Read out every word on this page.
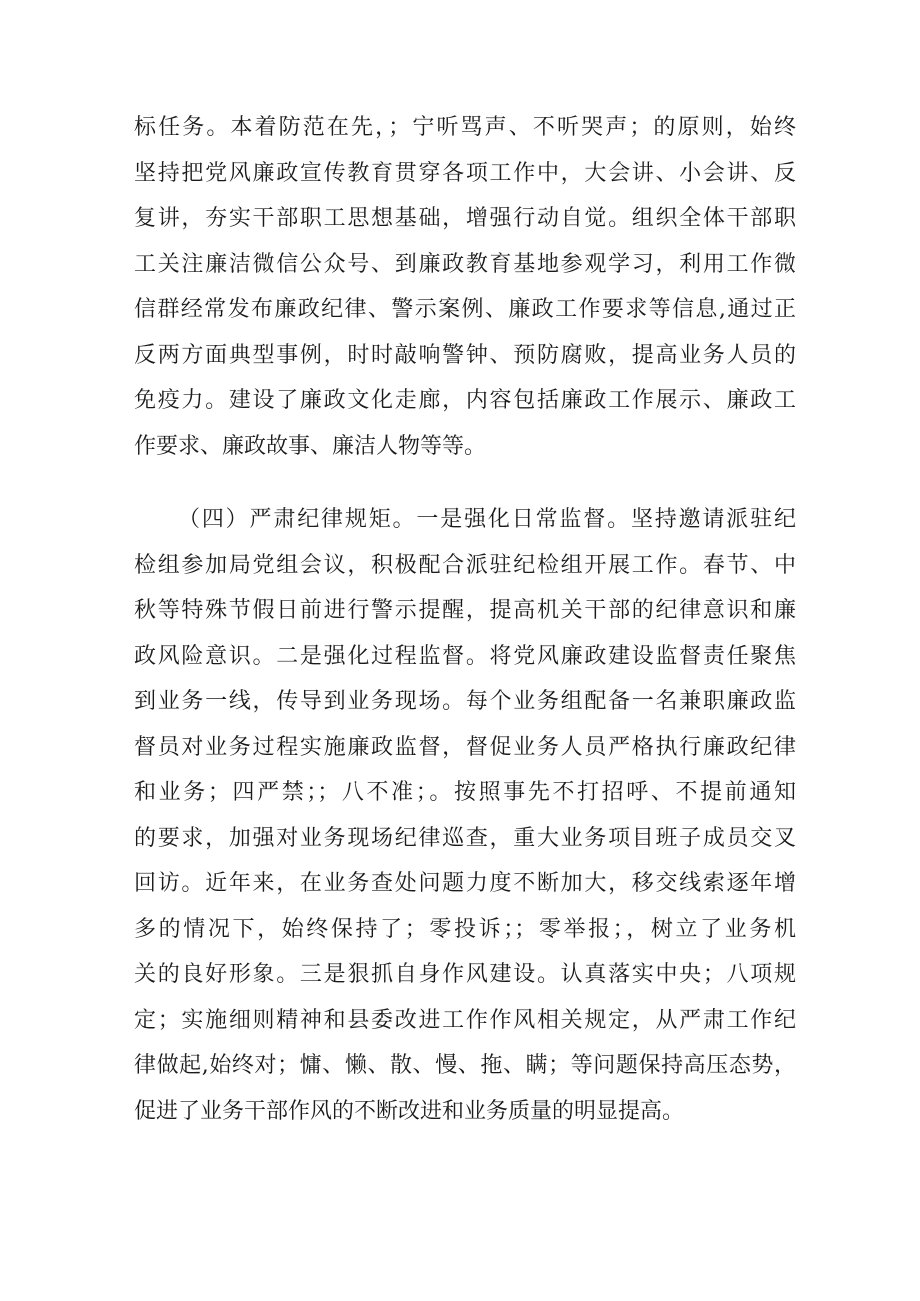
标任务。本着防范在先，；宁听骂声、不听哭声；的原则，始终
坚持把党风廉政宣传教育贯穿各项工作中，大会讲、小会讲、反
复讲，夯实干部职工思想基础，增强行动自觉。组织全体干部职
工关注廉洁微信公众号、到廉政教育基地参观学习，利用工作微
信群经常发布廉政纪律、警示案例、廉政工作要求等信息,通过正
反两方面典型事例，时时敲响警钟、预防腐败，提高业务人员的
免疫力。建设了廉政文化走廊，内容包括廉政工作展示、廉政工
作要求、廉政故事、廉洁人物等等。
（四）严肃纪律规矩。一是强化日常监督。坚持邀请派驻纪
检组参加局党组会议，积极配合派驻纪检组开展工作。春节、中
秋等特殊节假日前进行警示提醒，提高机关干部的纪律意识和廉
政风险意识。二是强化过程监督。将党风廉政建设监督责任聚焦
到业务一线，传导到业务现场。每个业务组配备一名兼职廉政监
督员对业务过程实施廉政监督，督促业务人员严格执行廉政纪律
和业务；四严禁；；八不准；。按照事先不打招呼、不提前通知
的要求，加强对业务现场纪律巡查，重大业务项目班子成员交叉
回访。近年来，在业务查处问题力度不断加大，移交线索逐年增
多的情况下，始终保持了；零投诉；；零举报；，树立了业务机
关的良好形象。三是狠抓自身作风建设。认真落实中央；八项规
定；实施细则精神和县委改进工作作风相关规定，从严肃工作纪
律做起,始终对；慵、懒、散、慢、拖、瞒；等问题保持高压态势，
促进了业务干部作风的不断改进和业务质量的明显提高。
